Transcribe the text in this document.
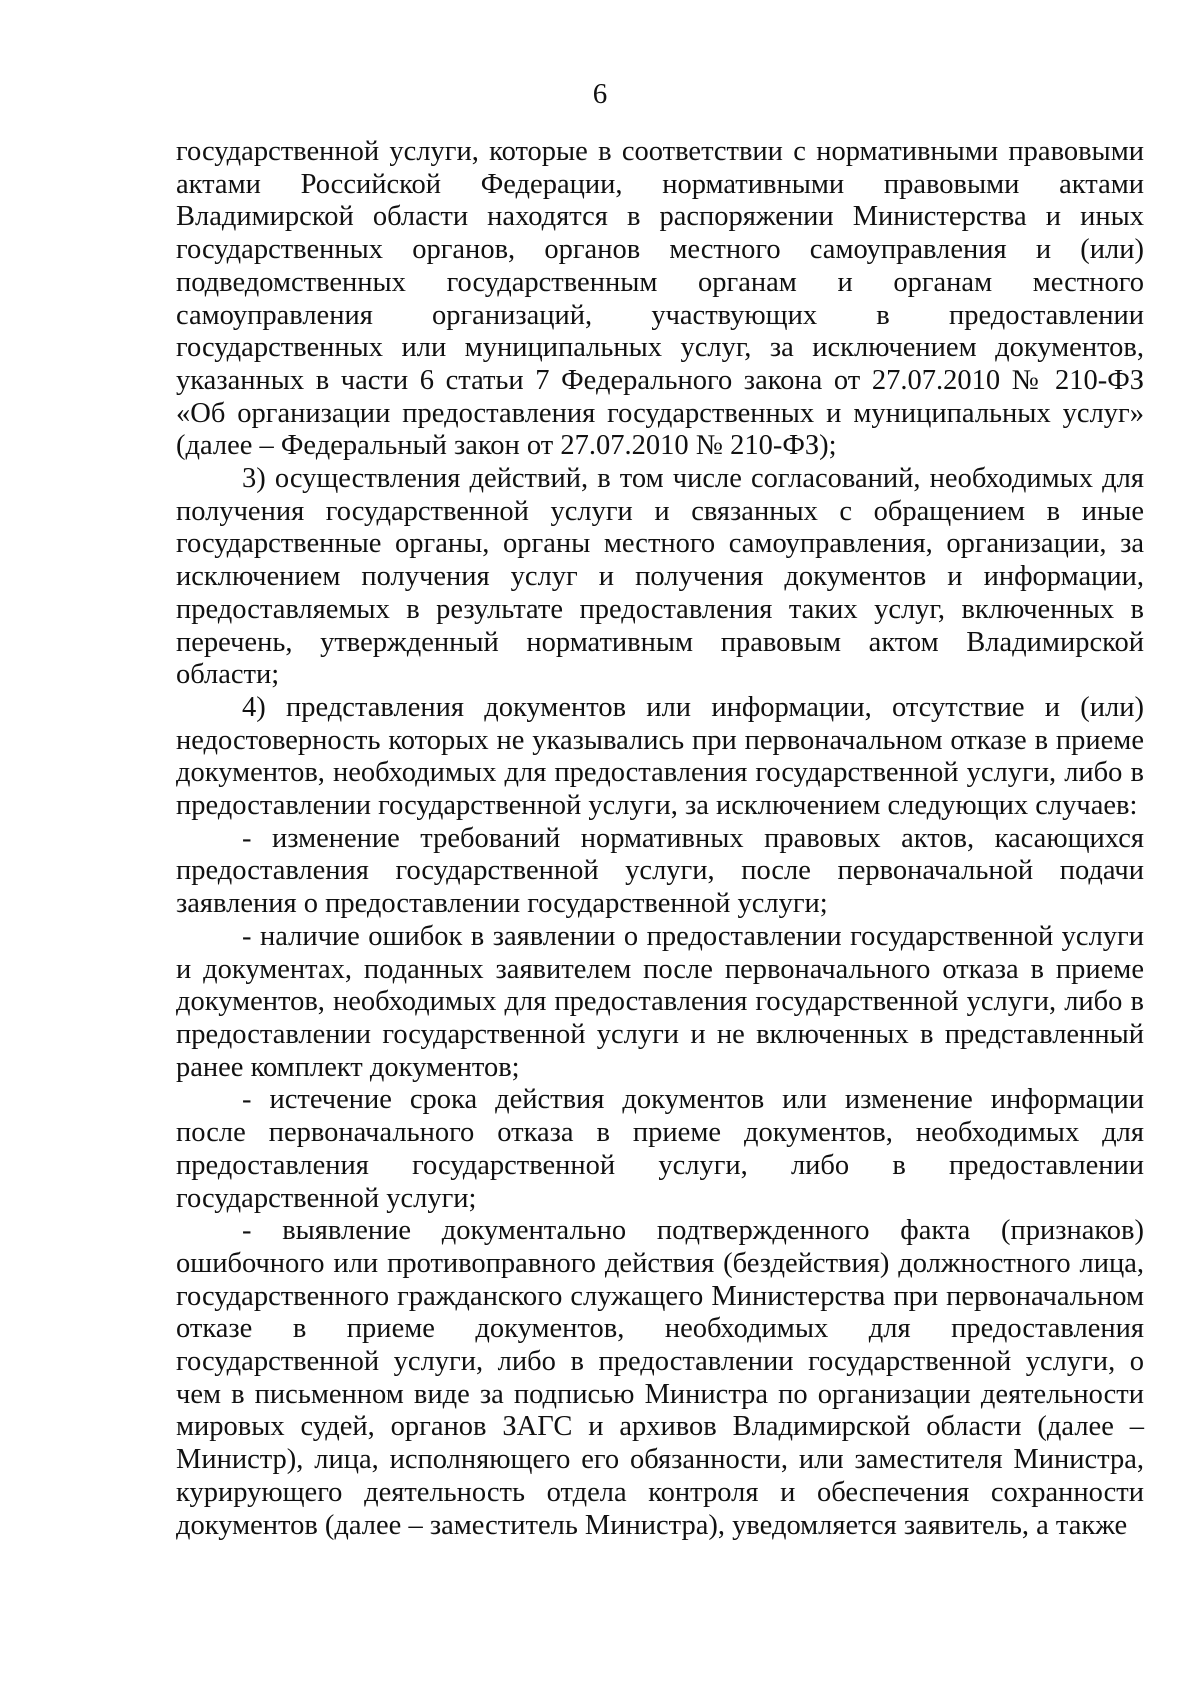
6

государственной услуги, которые в соответствии с нормативными правовыми актами Российской Федерации, нормативными правовыми актами Владимирской области находятся в распоряжении Министерства и иных государственных органов, органов местного самоуправления и (или) подведомственных государственным органам и органам местного самоуправления организаций, участвующих в предоставлении государственных или муниципальных услуг, за исключением документов, указанных в части 6 статьи 7 Федерального закона от 27.07.2010 № 210-ФЗ «Об организации предоставления государственных и муниципальных услуг» (далее – Федеральный закон от 27.07.2010 № 210-ФЗ);

3) осуществления действий, в том числе согласований, необходимых для получения государственной услуги и связанных с обращением в иные государственные органы, органы местного самоуправления, организации, за исключением получения услуг и получения документов и информации, предоставляемых в результате предоставления таких услуг, включенных в перечень, утвержденный нормативным правовым актом Владимирской области;

4) представления документов или информации, отсутствие и (или) недостоверность которых не указывались при первоначальном отказе в приеме документов, необходимых для предоставления государственной услуги, либо в предоставлении государственной услуги, за исключением следующих случаев:

- изменение требований нормативных правовых актов, касающихся предоставления государственной услуги, после первоначальной подачи заявления о предоставлении государственной услуги;

- наличие ошибок в заявлении о предоставлении государственной услуги и документах, поданных заявителем после первоначального отказа в приеме документов, необходимых для предоставления государственной услуги, либо в предоставлении государственной услуги и не включенных в представленный ранее комплект документов;

- истечение срока действия документов или изменение информации после первоначального отказа в приеме документов, необходимых для предоставления государственной услуги, либо в предоставлении государственной услуги;

- выявление документально подтвержденного факта (признаков) ошибочного или противоправного действия (бездействия) должностного лица, государственного гражданского служащего Министерства при первоначальном отказе в приеме документов, необходимых для предоставления государственной услуги, либо в предоставлении государственной услуги, о чем в письменном виде за подписью Министра по организации деятельности мировых судей, органов ЗАГС и архивов Владимирской области (далее – Министр), лица, исполняющего его обязанности, или заместителя Министра, курирующего деятельность отдела контроля и обеспечения сохранности документов (далее – заместитель Министра), уведомляется заявитель, а также
